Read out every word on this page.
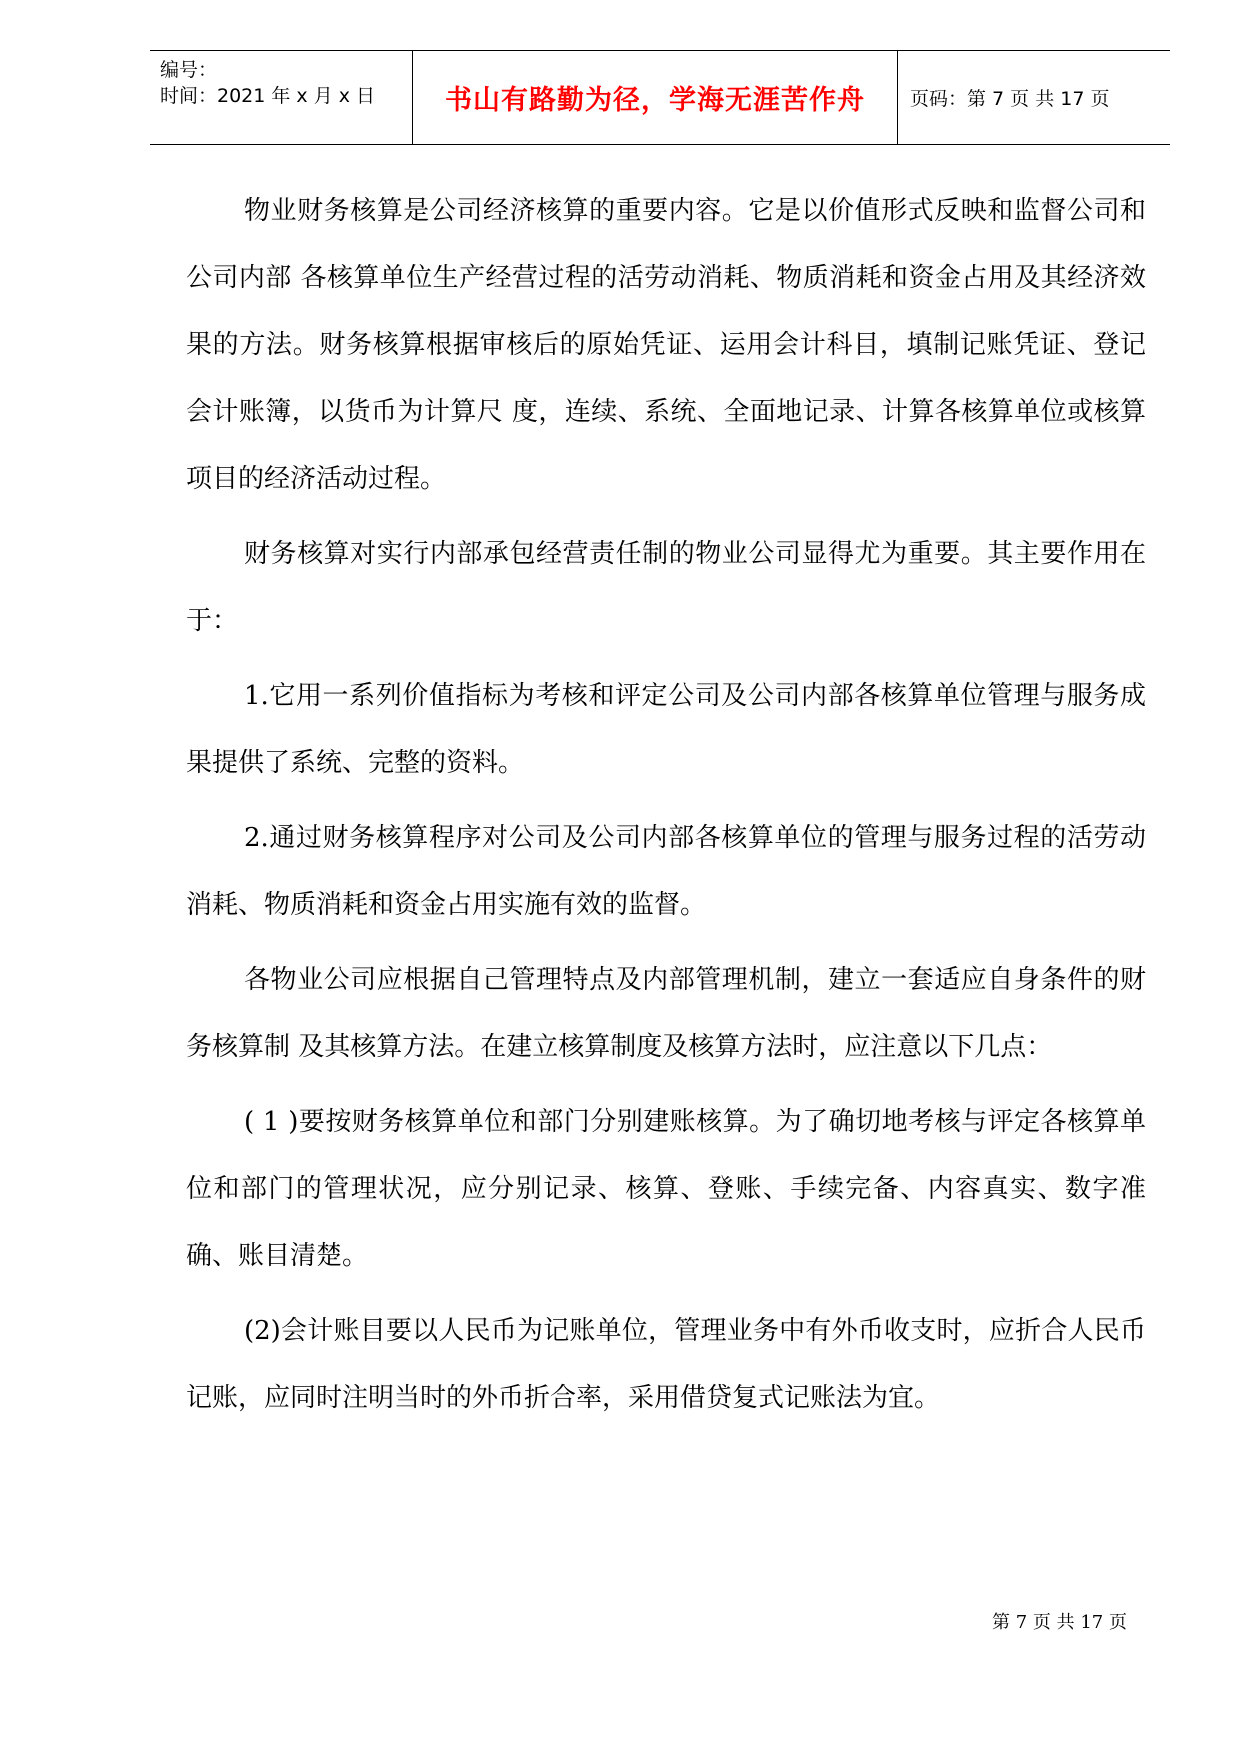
编号：
时间：2021 年 x 月 x 日	书山有路勤为径，学海无涯苦作舟 页码：第 7 页 共 17 页

物业财务核算是公司经济核算的重要内容。它是以价值形式反映和监督公司和公司内部 各核算单位生产经营过程的活劳动消耗、物质消耗和资金占用及其经济效果的方法。财务核算根据审核后的原始凭证、运用会计科目，填制记账凭证、登记会计账簿，以货币为计算尺 度，连续、系统、全面地记录、计算各核算单位或核算项目的经济活动过程。

财务核算对实行内部承包经营责任制的物业公司显得尤为重要。其主要作用在于：

1.它用一系列价值指标为考核和评定公司及公司内部各核算单位管理与服务成果提供了系统、完整的资料。

2.通过财务核算程序对公司及公司内部各核算单位的管理与服务过程的活劳动消耗、物质消耗和资金占用实施有效的监督。

各物业公司应根据自己管理特点及内部管理机制，建立一套适应自身条件的财务核算制 及其核算方法。在建立核算制度及核算方法时，应注意以下几点：

( 1 )要按财务核算单位和部门分别建账核算。为了确切地考核与评定各核算单位和部门的管理状况，应分别记录、核算、登账、手续完备、内容真实、数字准确、账目清楚。

(2)会计账目要以人民币为记账单位，管理业务中有外币收支时，应折合人民币记账，应同时注明当时的外币折合率，采用借贷复式记账法为宜。

第 7 页 共 17 页
